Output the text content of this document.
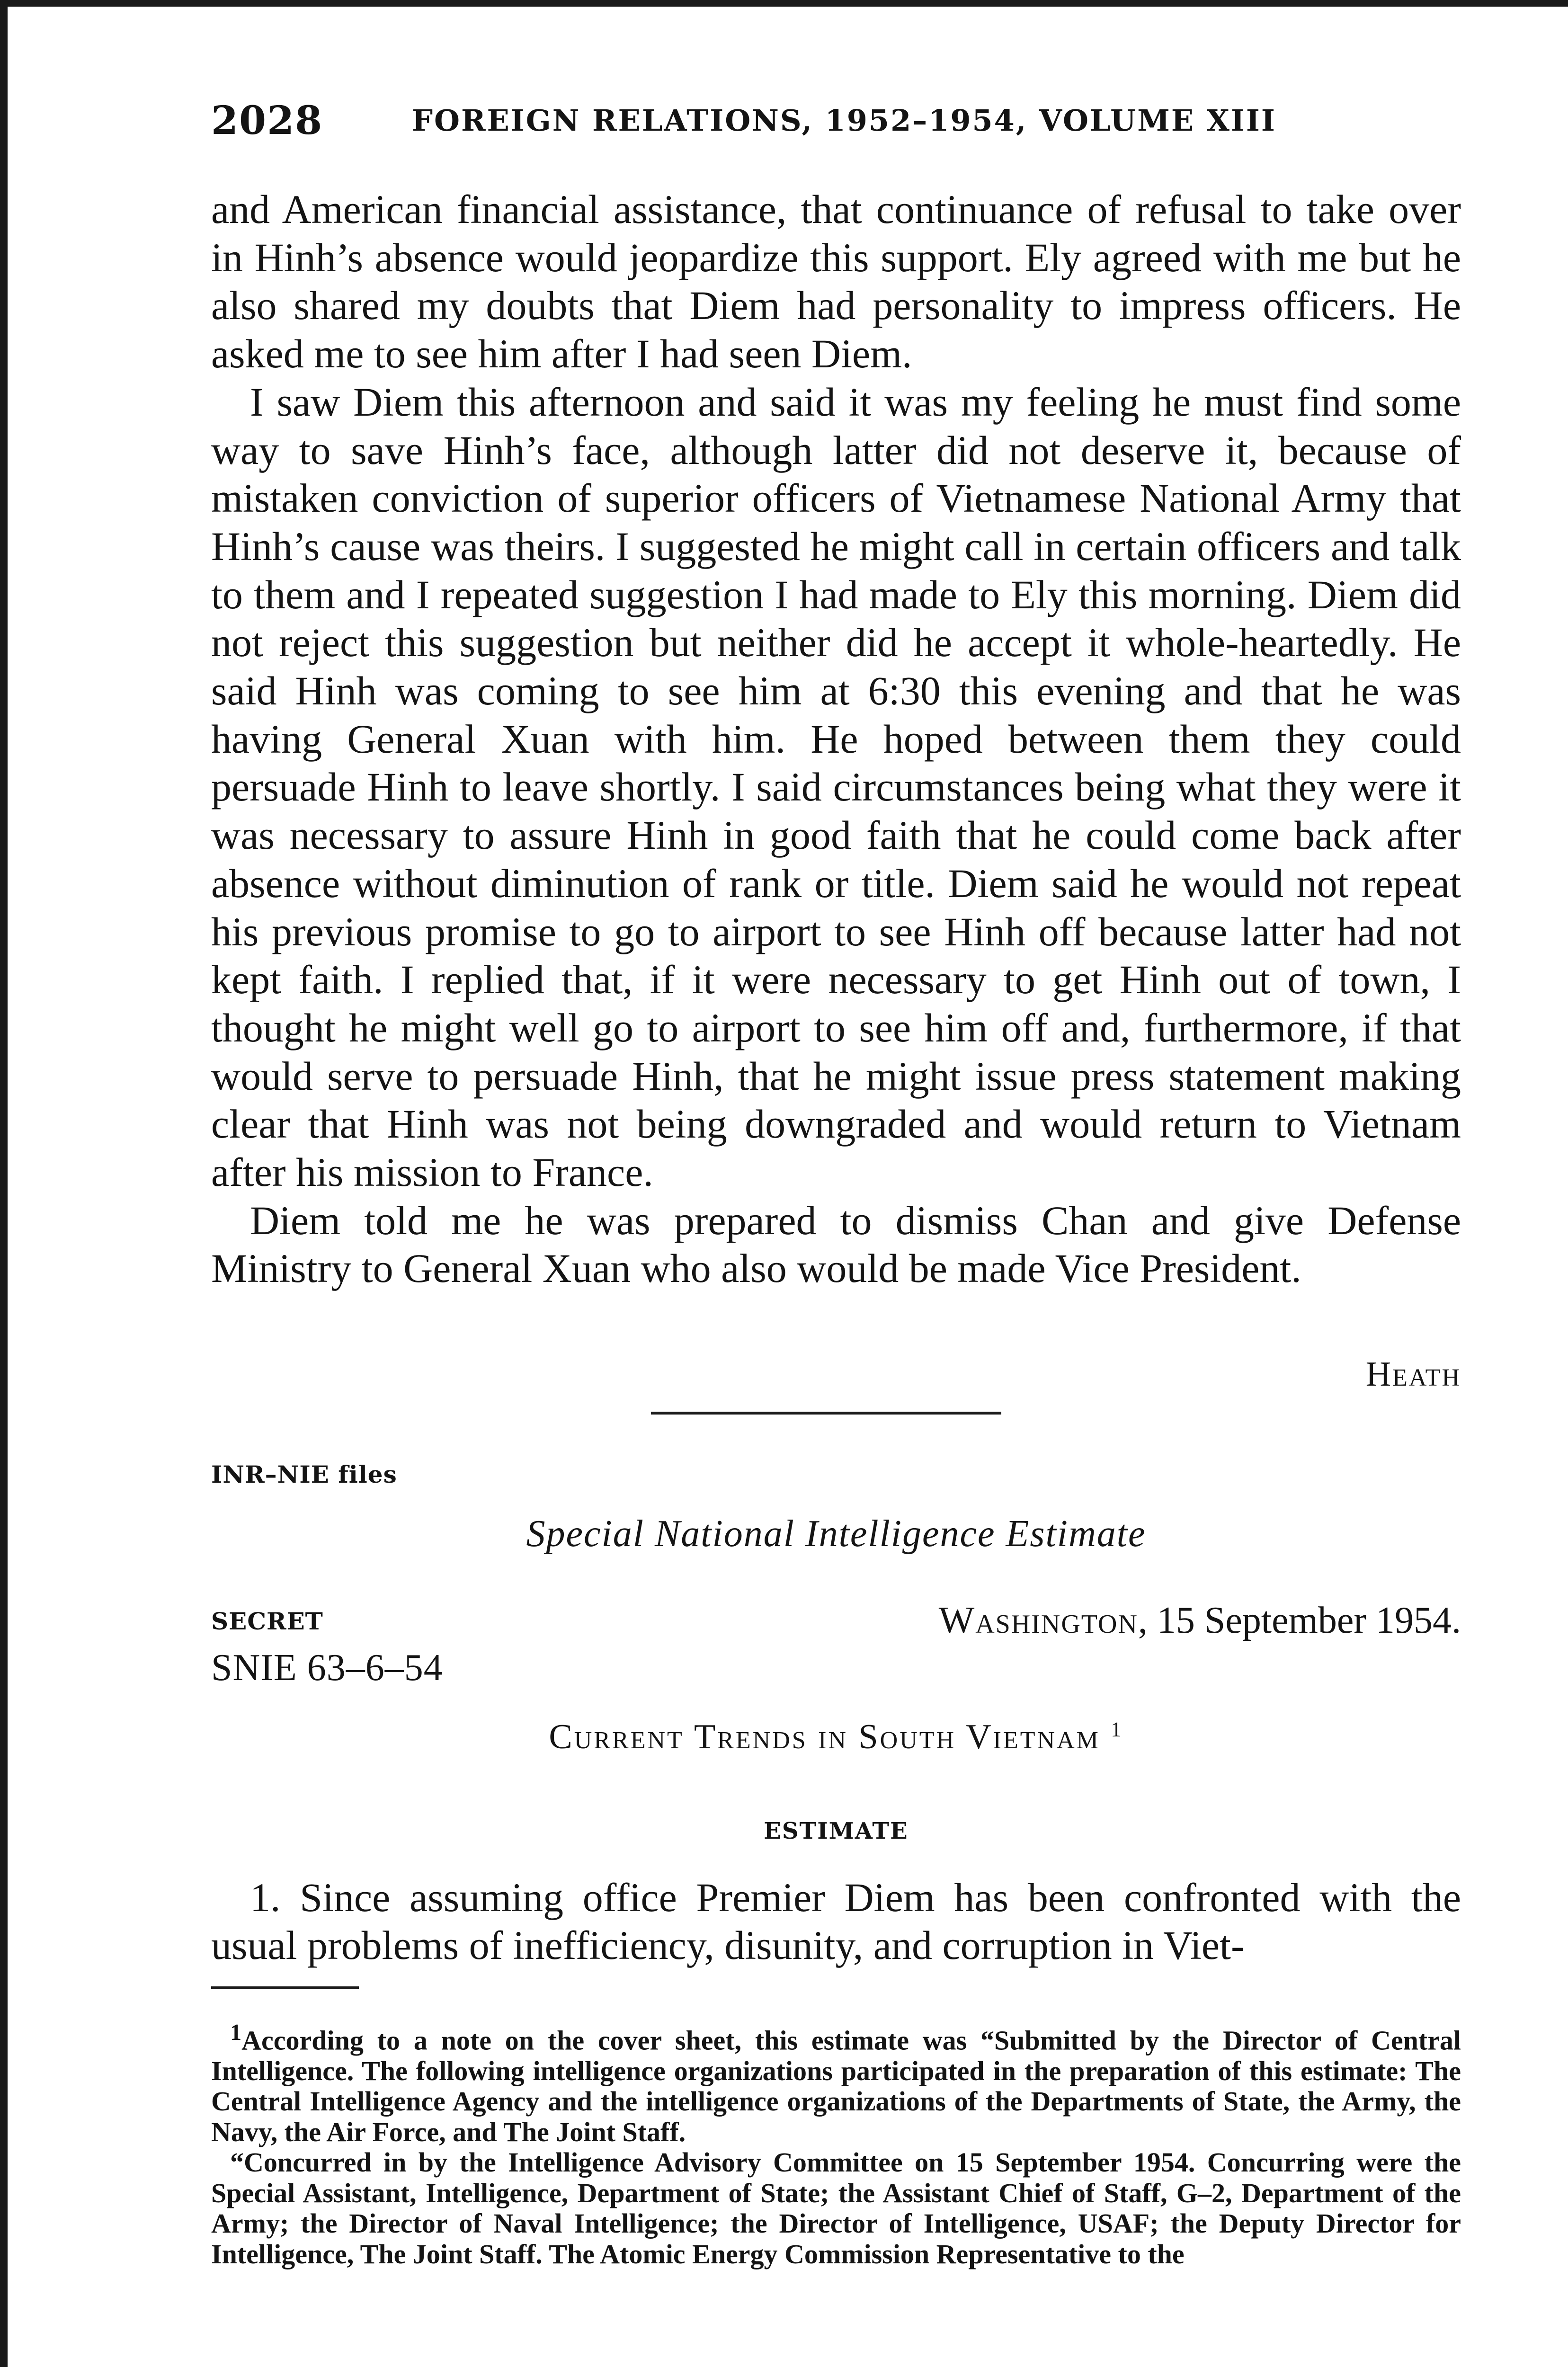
2028	FOREIGN RELATIONS, 1952–1954, VOLUME XIII

and American financial assistance, that continuance of refusal to take over in Hinh’s absence would jeopardize this support. Ely agreed with me but he also shared my doubts that Diem had personality to impress officers. He asked me to see him after I had seen Diem.

I saw Diem this afternoon and said it was my feeling he must find some way to save Hinh’s face, although latter did not deserve it, because of mistaken conviction of superior officers of Vietnamese National Army that Hinh’s cause was theirs. I suggested he might call in certain officers and talk to them and I repeated suggestion I had made to Ely this morning. Diem did not reject this suggestion but neither did he accept it whole-heartedly. He said Hinh was coming to see him at 6:30 this evening and that he was having General Xuan with him. He hoped between them they could persuade Hinh to leave shortly. I said circumstances being what they were it was necessary to assure Hinh in good faith that he could come back after absence without diminution of rank or title. Diem said he would not repeat his previous promise to go to airport to see Hinh off because latter had not kept faith. I replied that, if it were necessary to get Hinh out of town, I thought he might well go to airport to see him off and, furthermore, if that would serve to persuade Hinh, that he might issue press statement making clear that Hinh was not being downgraded and would return to Vietnam after his mission to France.

Diem told me he was prepared to dismiss Chan and give Defense Ministry to General Xuan who also would be made Vice President.

Heath
INR–NIE files
Special National Intelligence Estimate
SECRET	Washington, 15 September 1954.
SNIE 63–6–54
Current Trends in South Vietnam $^1$
ESTIMATE

1. Since assuming office Premier Diem has been confronted with the usual problems of inefficiency, disunity, and corruption in Viet-

$^1$According to a note on the cover sheet, this estimate was “Submitted by the Director of Central Intelligence. The following intelligence organizations participated in the preparation of this estimate: The Central Intelligence Agency and the intelligence organizations of the Departments of State, the Army, the Navy, the Air Force, and The Joint Staff.

“Concurred in by the Intelligence Advisory Committee on 15 September 1954. Concurring were the Special Assistant, Intelligence, Department of State; the Assistant Chief of Staff, G–2, Department of the Army; the Director of Naval Intelligence; the Director of Intelligence, USAF; the Deputy Director for Intelligence, The Joint Staff. The Atomic Energy Commission Representative to the
